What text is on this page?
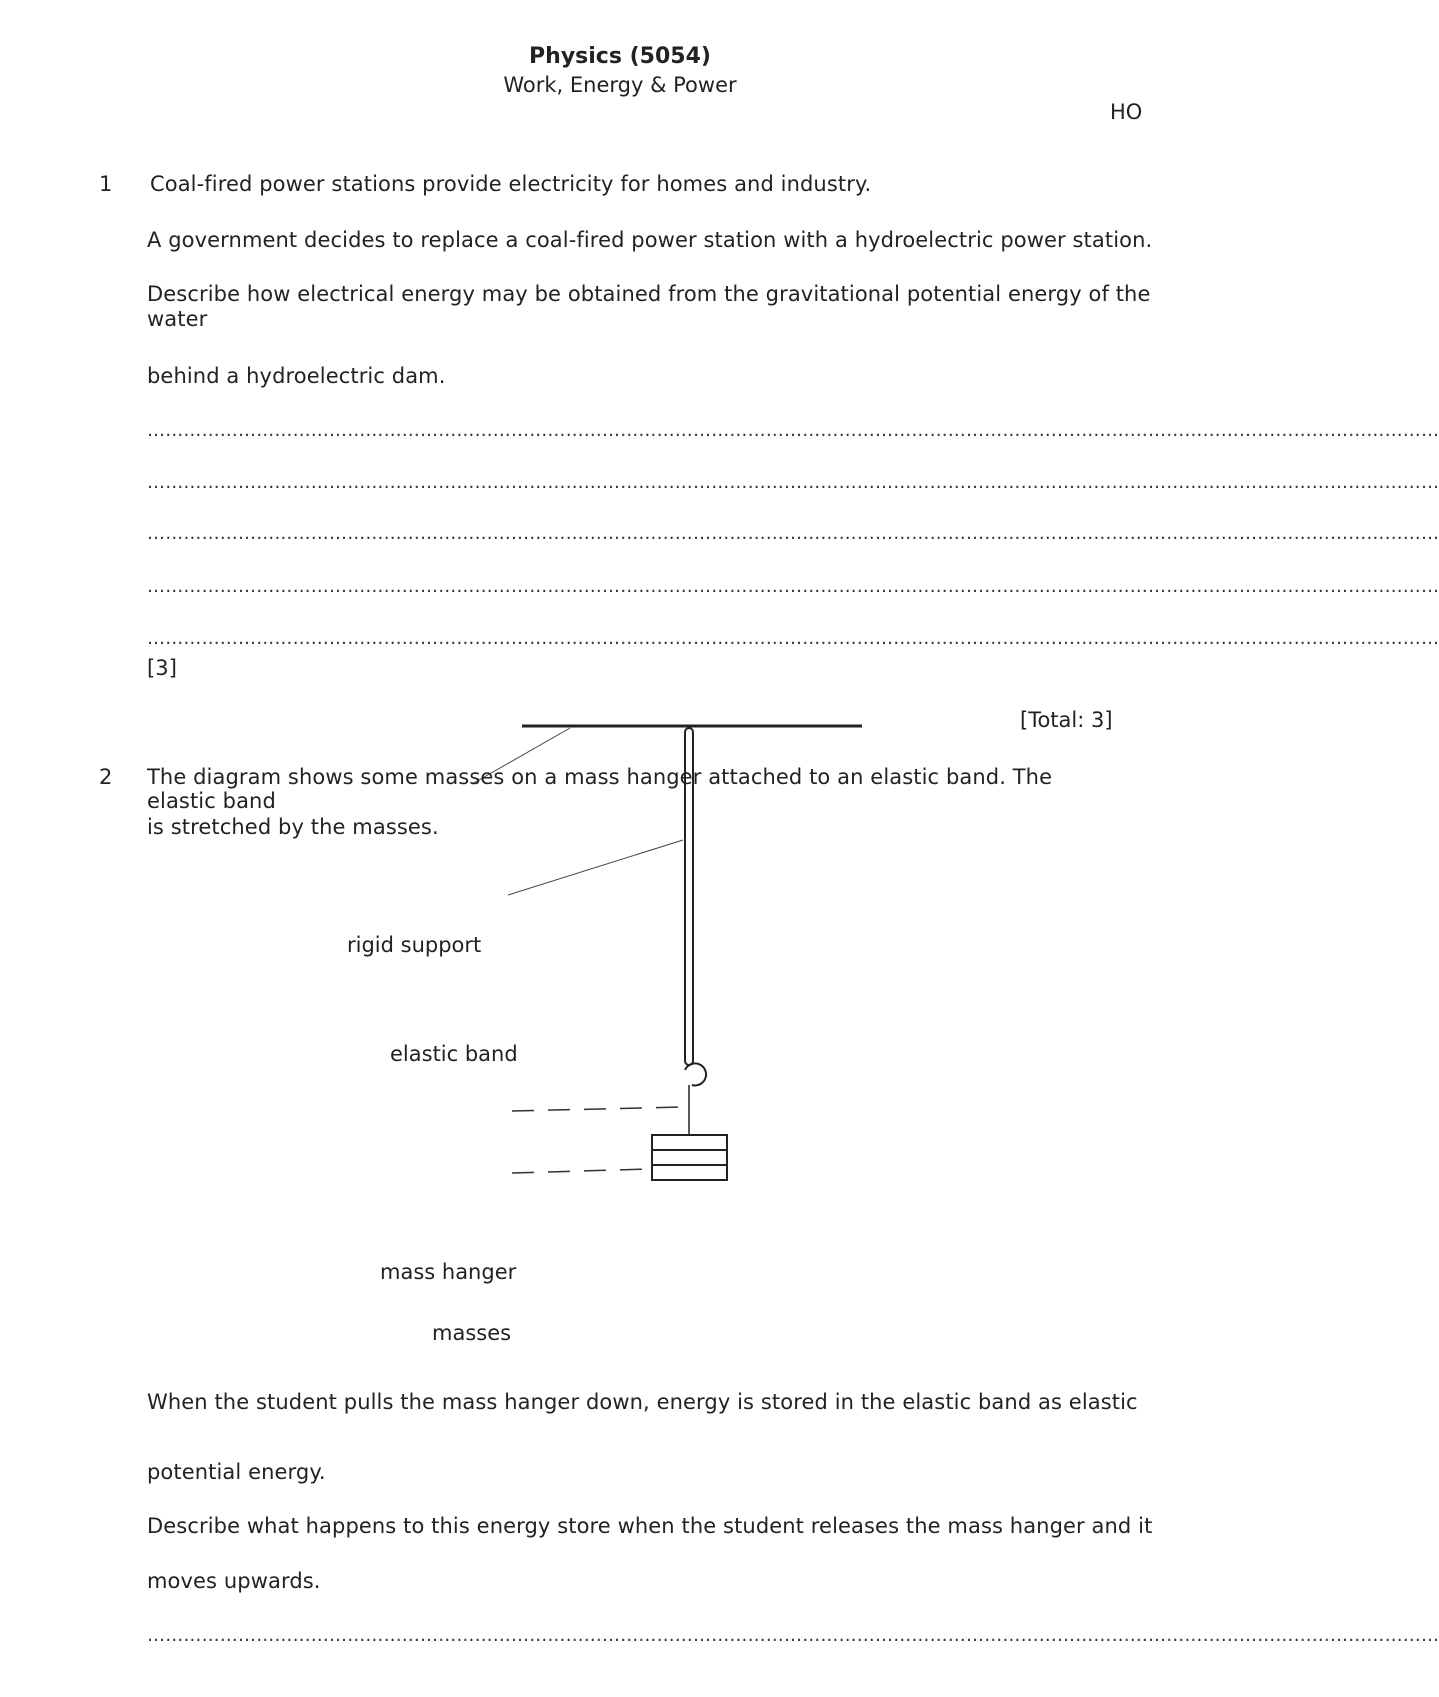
Physics (5054)
Work, Energy & Power
HO
1 Coal-fired power stations provide electricity for homes and industry.
A government decides to replace a coal-fired power station with a hydroelectric power station.
Describe how electrical energy may be obtained from the gravitational potential energy of the
water
behind a hydroelectric dam.
……………………………………………………………………………………………………………………………………………………………………………………………
……………………………………………………………………………………………………………………………………………………………………………………………
……………………………………………………………………………………………………………………………………………………………………………………………
……………………………………………………………………………………………………………………………………………………………………………………………
……………………………………………………………………………………………………………………………………………………………………………………………
[3]
[Total: 3]
2 The diagram shows some masses on a mass hanger attached to an elastic band. The
elastic band
is stretched by the masses.
rigid support
elastic band
mass hanger
masses
When the student pulls the mass hanger down, energy is stored in the elastic band as elastic
potential energy.
Describe what happens to this energy store when the student releases the mass hanger and it
moves upwards.
……………………………………………………………………………………………………………………………………………………………………………………………
